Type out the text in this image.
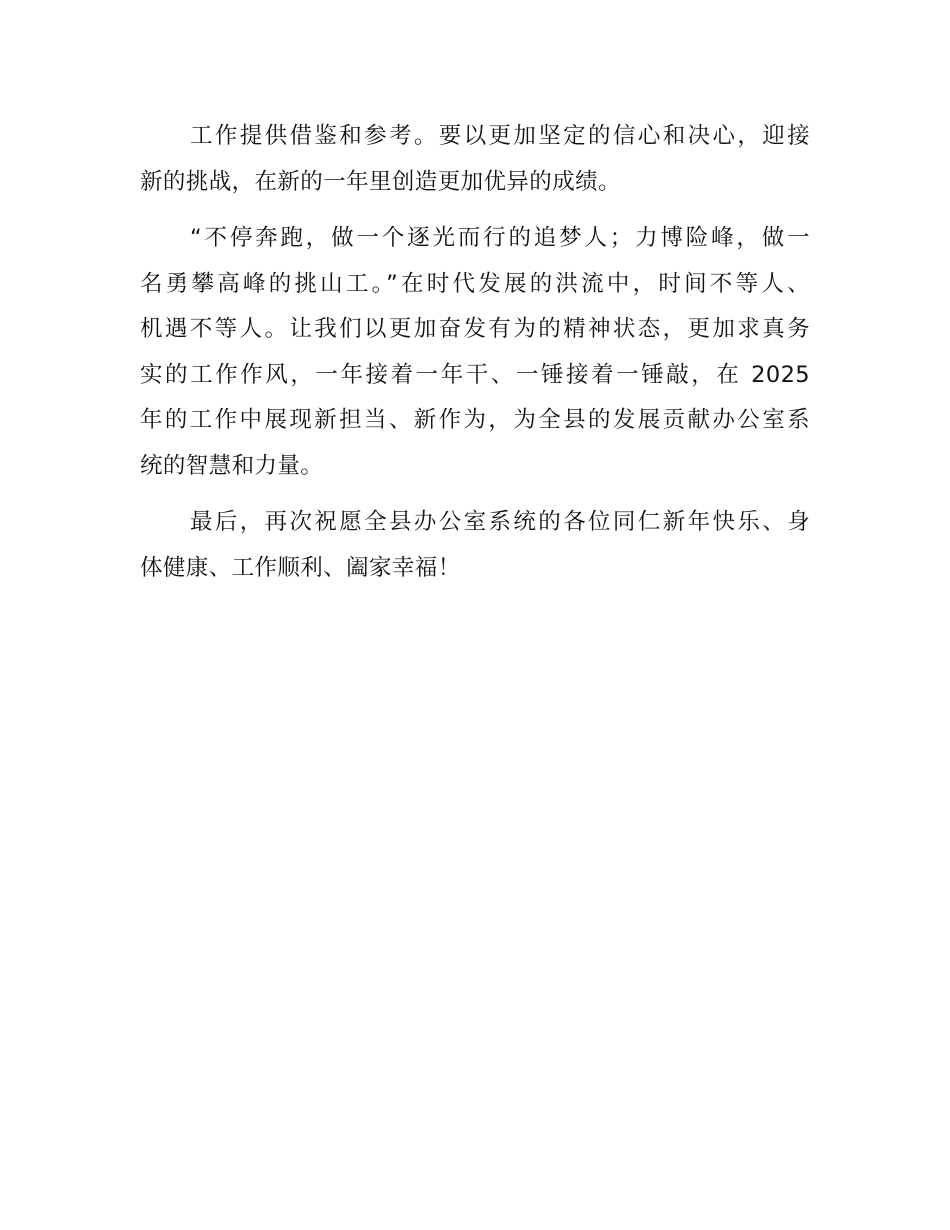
工作提供借鉴和参考。要以更加坚定的信心和决心，迎接
新的挑战，在新的一年里创造更加优异的成绩。

“不停奔跑，做一个逐光而行的追梦人；力博险峰，做一
名勇攀高峰的挑山工。”在时代发展的洪流中，时间不等人、
机遇不等人。让我们以更加奋发有为的精神状态，更加求真务
实的工作作风，一年接着一年干、一锤接着一锤敲，在 2025
年的工作中展现新担当、新作为，为全县的发展贡献办公室系
统的智慧和力量。

最后，再次祝愿全县办公室系统的各位同仁新年快乐、身
体健康、工作顺利、阖家幸福！
